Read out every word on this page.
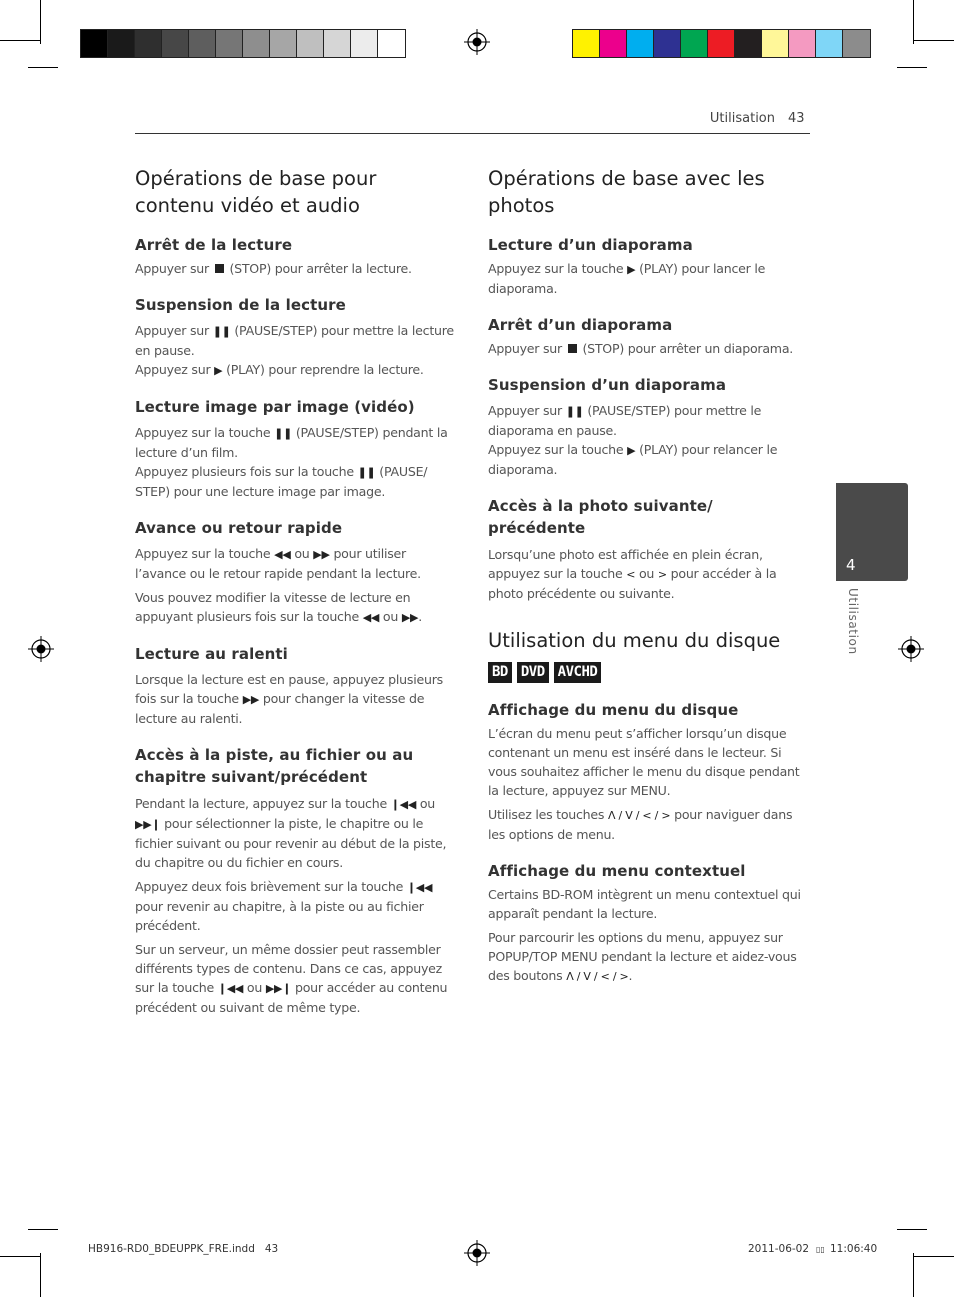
Utilisation 43
4
Utilisation
Opérations de base pour
contenu vidéo et audio
Arrêt de la lecture

Appuyer sur  (STOP) pour arrêter la lecture.

Suspension de la lecture

Appuyer sur ❚❚ (PAUSE/STEP) pour mettre la lecture en pause.

Appuyez sur ▶ (PLAY) pour reprendre la lecture.

Lecture image par image (vidéo)

Appuyez sur la touche ❚❚ (PAUSE/STEP) pendant la lecture d’un film.

Appuyez plusieurs fois sur la touche ❚❚ (PAUSE/ STEP) pour une lecture image par image.

Avance ou retour rapide

Appuyez sur la touche ◀◀ ou ▶▶ pour utiliser l’avance ou le retour rapide pendant la lecture.

Vous pouvez modifier la vitesse de lecture en appuyant plusieurs fois sur la touche ◀◀ ou ▶▶.

Lecture au ralenti

Lorsque la lecture est en pause, appuyez plusieurs fois sur la touche ▶▶ pour changer la vitesse de lecture au ralenti.

Accès à la piste, au fichier ou au
chapitre suivant/précédent

Pendant la lecture, appuyez sur la touche ❙◀◀ ou ▶▶❙ pour sélectionner la piste, le chapitre ou le fichier suivant ou pour revenir au début de la piste, du chapitre ou du fichier en cours.

Appuyez deux fois brièvement sur la touche ❙◀◀ pour revenir au chapitre, à la piste ou au fichier précédent.

Sur un serveur, un même dossier peut rassembler différents types de contenu. Dans ce cas, appuyez sur la touche ❙◀◀ ou ▶▶❙ pour accéder au contenu précédent ou suivant de même type.

Opérations de base avec les
photos
Lecture d’un diaporama

Appuyez sur la touche ▶ (PLAY) pour lancer le diaporama.

Arrêt d’un diaporama

Appuyer sur  (STOP) pour arrêter un diaporama.

Suspension d’un diaporama

Appuyer sur ❚❚ (PAUSE/STEP) pour mettre le diaporama en pause.

Appuyez sur la touche ▶ (PLAY) pour relancer le diaporama.

Accès à la photo suivante/
précédente

Lorsqu’une photo est affichée en plein écran, appuyez sur la touche < ou > pour accéder à la photo précédente ou suivante.

Utilisation du menu du disque
BD DVD AVCHD
Affichage du menu du disque

L’écran du menu peut s’afficher lorsqu’un disque contenant un menu est inséré dans le lecteur. Si vous souhaitez afficher le menu du disque pendant la lecture, appuyez sur MENU.

Utilisez les touches Λ / V / < / > pour naviguer dans les options de menu.

Affichage du menu contextuel

Certains BD-ROM intègrent un menu contextuel qui apparaît pendant la lecture.

Pour parcourir les options du menu, appuyez sur POPUP/TOP MENU pendant la lecture et aidez-vous des boutons Λ / V / < / >.

HB916-RD0_BDEUPPK_FRE.indd   43	2011-06-02 ▯▯ 11:06:40
